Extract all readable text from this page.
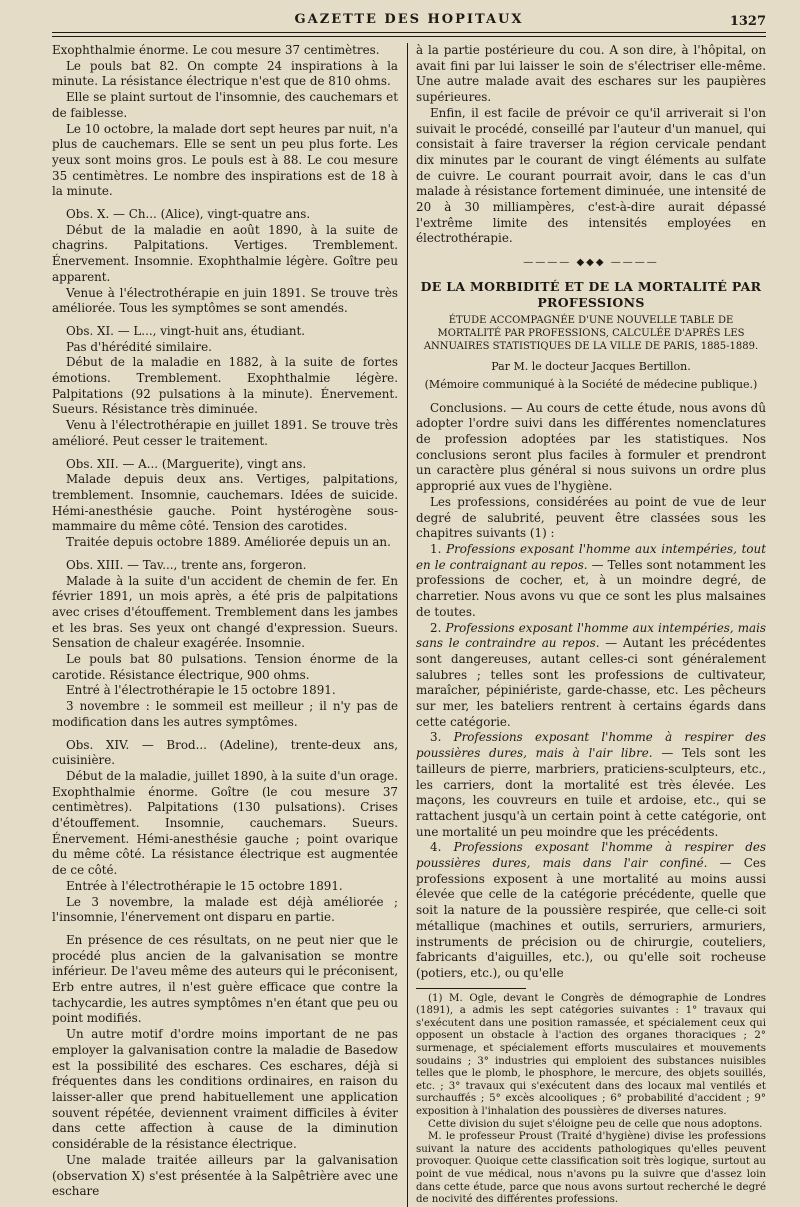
GAZETTE DES HOPITAUX	1327

Exophthalmie énorme. Le cou mesure 37 centimètres.

Le pouls bat 82. On compte 24 inspirations à la minute. La résistance électrique n'est que de 810 ohms.

Elle se plaint surtout de l'insomnie, des cauchemars et de faiblesse.

Le 10 octobre, la malade dort sept heures par nuit, n'a plus de cauchemars. Elle se sent un peu plus forte. Les yeux sont moins gros. Le pouls est à 88. Le cou mesure 35 centimètres. Le nombre des inspirations est de 18 à la minute.

Obs. X. — Ch... (Alice), vingt-quatre ans.

Début de la maladie en août 1890, à la suite de chagrins. Palpitations. Vertiges. Tremblement. Énervement. Insomnie. Exophthalmie légère. Goître peu apparent.

Venue à l'électrothérapie en juin 1891. Se trouve très améliorée. Tous les symptômes se sont amendés.

Obs. XI. — L..., vingt-huit ans, étudiant.

Pas d'hérédité similaire.

Début de la maladie en 1882, à la suite de fortes émotions. Tremblement. Exophthalmie légère. Palpitations (92 pulsations à la minute). Énervement. Sueurs. Résistance très diminuée.

Venu à l'électrothérapie en juillet 1891. Se trouve très amélioré. Peut cesser le traitement.

Obs. XII. — A... (Marguerite), vingt ans.

Malade depuis deux ans. Vertiges, palpitations, tremblement. Insomnie, cauchemars. Idées de suicide. Hémi-anesthésie gauche. Point hystérogène sous-mammaire du même côté. Tension des carotides.

Traitée depuis octobre 1889. Améliorée depuis un an.

Obs. XIII. — Tav..., trente ans, forgeron.

Malade à la suite d'un accident de chemin de fer. En février 1891, un mois après, a été pris de palpitations avec crises d'étouffement. Tremblement dans les jambes et les bras. Ses yeux ont changé d'expression. Sueurs. Sensation de chaleur exagérée. Insomnie.

Le pouls bat 80 pulsations. Tension énorme de la carotide. Résistance électrique, 900 ohms.

Entré à l'électrothérapie le 15 octobre 1891.

3 novembre : le sommeil est meilleur ; il n'y pas de modification dans les autres symptômes.

Obs. XIV. — Brod... (Adeline), trente-deux ans, cuisinière.

Début de la maladie, juillet 1890, à la suite d'un orage. Exophthalmie énorme. Goître (le cou mesure 37 centimètres). Palpitations (130 pulsations). Crises d'étouffement. Insomnie, cauchemars. Sueurs. Énervement. Hémi-anesthésie gauche ; point ovarique du même côté. La résistance électrique est augmentée de ce côté.

Entrée à l'électrothérapie le 15 octobre 1891.

Le 3 novembre, la malade est déjà améliorée ; l'insomnie, l'énervement ont disparu en partie.

En présence de ces résultats, on ne peut nier que le procédé plus ancien de la galvanisation se montre inférieur. De l'aveu même des auteurs qui le préconisent, Erb entre autres, il n'est guère efficace que contre la tachycardie, les autres symptômes n'en étant que peu ou point modifiés.

Un autre motif d'ordre moins important de ne pas employer la galvanisation contre la maladie de Basedow est la possibilité des eschares. Ces eschares, déjà si fréquentes dans les conditions ordinaires, en raison du laisser-aller que prend habituellement une application souvent répétée, deviennent vraiment difficiles à éviter dans cette affection à cause de la diminution considérable de la résistance électrique.

Une malade traitée ailleurs par la galvanisation (observation X) s'est présentée à la Salpêtrière avec une eschare

à la partie postérieure du cou. A son dire, à l'hôpital, on avait fini par lui laisser le soin de s'électriser elle-même. Une autre malade avait des eschares sur les paupières supérieures.

Enfin, il est facile de prévoir ce qu'il arriverait si l'on suivait le procédé, conseillé par l'auteur d'un manuel, qui consistait à faire traverser la région cervicale pendant dix minutes par le courant de vingt éléments au sulfate de cuivre. Le courant pourrait avoir, dans le cas d'un malade à résistance fortement diminuée, une intensité de 20 à 30 milliampères, c'est-à-dire aurait dépassé l'extrême limite des intensités employées en électrothérapie.

———— ◆◆◆ ————
DE LA MORBIDITÉ ET DE LA MORTALITÉ PAR PROFESSIONS
ÉTUDE ACCOMPAGNÉE D'UNE NOUVELLE TABLE DE MORTALITÉ PAR PROFESSIONS, CALCULÉE D'APRÈS LES ANNUAIRES STATISTIQUES DE LA VILLE DE PARIS, 1885-1889.
Par M. le docteur Jacques Bertillon.
(Mémoire communiqué à la Société de médecine publique.)

Conclusions. — Au cours de cette étude, nous avons dû adopter l'ordre suivi dans les différentes nomenclatures de profession adoptées par les statistiques. Nos conclusions seront plus faciles à formuler et prendront un caractère plus général si nous suivons un ordre plus approprié aux vues de l'hygiène.

Les professions, considérées au point de vue de leur degré de salubrité, peuvent être classées sous les chapitres suivants (1) :

1. Professions exposant l'homme aux intempéries, tout en le contraignant au repos. — Telles sont notamment les professions de cocher, et, à un moindre degré, de charretier. Nous avons vu que ce sont les plus malsaines de toutes.

2. Professions exposant l'homme aux intempéries, mais sans le contraindre au repos. — Autant les précédentes sont dangereuses, autant celles-ci sont généralement salubres ; telles sont les professions de cultivateur, maraîcher, pépiniériste, garde-chasse, etc. Les pêcheurs sur mer, les bateliers rentrent à certains égards dans cette catégorie.

3. Professions exposant l'homme à respirer des poussières dures, mais à l'air libre. — Tels sont les tailleurs de pierre, marbriers, praticiens-sculpteurs, etc., les carriers, dont la mortalité est très élevée. Les maçons, les couvreurs en tuile et ardoise, etc., qui se rattachent jusqu'à un certain point à cette catégorie, ont une mortalité un peu moindre que les précédents.

4. Professions exposant l'homme à respirer des poussières dures, mais dans l'air confiné. — Ces professions exposent à une mortalité au moins aussi élevée que celle de la catégorie précédente, quelle que soit la nature de la poussière respirée, que celle-ci soit métallique (machines et outils, serruriers, armuriers, instruments de précision ou de chirurgie, couteliers, fabricants d'aiguilles, etc.), ou qu'elle soit rocheuse (potiers, etc.), ou qu'elle

(1) M. Ogle, devant le Congrès de démographie de Londres (1891), a admis les sept catégories suivantes : 1° travaux qui s'exécutent dans une position ramassée, et spécialement ceux qui opposent un obstacle à l'action des organes thoraciques ; 2° surmenage, et spécialement efforts musculaires et mouvements soudains ; 3° industries qui emploient des substances nuisibles telles que le plomb, le phosphore, le mercure, des objets souillés, etc. ; 3° travaux qui s'exécutent dans des locaux mal ventilés et surchauffés ; 5° excès alcooliques ; 6° probabilité d'accident ; 9° exposition à l'inhalation des poussières de diverses natures.

Cette division du sujet s'éloigne peu de celle que nous adoptons.

M. le professeur Proust (Traité d'hygiène) divise les professions suivant la nature des accidents pathologiques qu'elles peuvent provoquer. Quoique cette classification soit très logique, surtout au point de vue médical, nous n'avons pu la suivre que d'assez loin dans cette étude, parce que nous avons surtout recherché le degré de nocivité des différentes professions.
